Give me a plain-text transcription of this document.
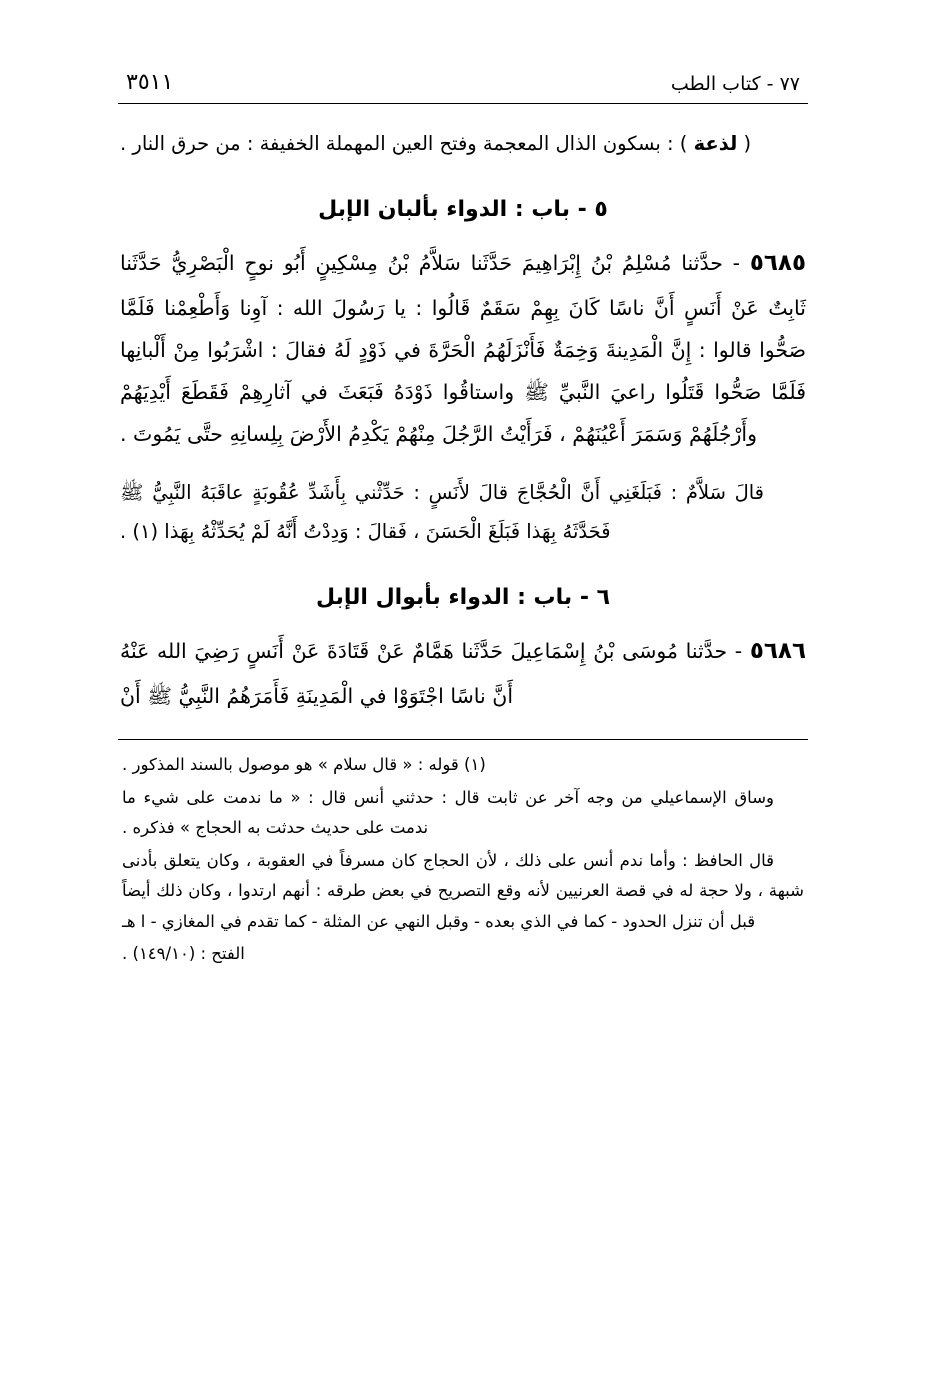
٣٥١١	٧٧ - كتاب الطب
( لذعة ) : بسكون الذال المعجمة وفتح العين المهملة الخفيفة : من حرق النار .
٥ - باب : الدواء بألبان الإبل
٥٦٨٥ - حدَّثنا مُسْلِمُ بْنُ إِبْرَاهِيمَ حَدَّثَنا سَلاَّمُ بْنُ مِسْكِينٍ أَبُو نوحٍ الْبَصْرِيُّ حَدَّثَنا ثَابِتٌ عَنْ أَنَسٍ أَنَّ ناسًا كَانَ بِهِمْ سَقَمٌ قَالُوا : يا رَسُولَ الله : آوِنا وَأَطْعِمْنا فَلَمَّا صَحُّوا قالوا : إِنَّ الْمَدِينةَ وَخِمَةٌ فَأَنْزَلَهُمُ الْحَرَّةَ في ذَوْدٍ لَهُ فقالَ : اشْرَبُوا مِنْ أَلْبانِها فَلَمَّا صَحُّوا قَتَلُوا راعيَ النَّبيِّ ﷺ واستاقُوا ذَوْدَهُ فَبَعَثَ في آثارِهِمْ فَقَطَعَ أَيْدِيَهُمْ وأَرْجُلَهُمْ وَسَمَرَ أَعْيُنَهُمْ ، فَرَأَيْتُ الرَّجُلَ مِنْهُمْ يَكْدِمُ الأَرْضَ بِلِسانِهِ حتَّى يَمُوتَ .
قالَ سَلاَّمٌ : فَبَلَغَنِي أَنَّ الْحُجَّاجَ قالَ لأَنَسٍ : حَدِّثْني بِأَشَدِّ عُقُوبَةٍ عاقَبَهُ النَّبِيُّ ﷺ فَحَدَّثَهُ بِهَذا فَبَلَغَ الْحَسَنَ ، فَقالَ : وَدِدْتُ أَنَّهُ لَمْ يُحَدِّثْهُ بِهَذا (١) .
٦ - باب : الدواء بأبوال الإبل
٥٦٨٦ - حدَّثنا مُوسَى بْنُ إِسْمَاعِيلَ حَدَّثَنا هَمَّامٌ عَنْ قَتَادَةَ عَنْ أَنَسٍ رَضِيَ الله عَنْهُ أَنَّ ناسًا اجْتَوَوْا في الْمَدِينَةِ فَأَمَرَهُمُ النَّبِيُّ ﷺ أَنْ
(١) قوله : « قال سلام » هو موصول بالسند المذكور .
وساق الإسماعيلي من وجه آخر عن ثابت قال : حدثني أنس قال : « ما ندمت على شيء ما ندمت على حديث حدثت به الحجاج » فذكره .
قال الحافظ : وأما ندم أنس على ذلك ، لأن الحجاج كان مسرفاً في العقوبة ، وكان يتعلق بأدنى شبهة ، ولا حجة له في قصة العرنيين لأنه وقع التصريح في بعض طرقه : أنهم ارتدوا ، وكان ذلك أيضاً قبل أن تنزل الحدود - كما في الذي بعده - وقبل النهي عن المثلة - كما تقدم في المغازي - ا هـ
الفتح : (١٤٩/١٠) .
